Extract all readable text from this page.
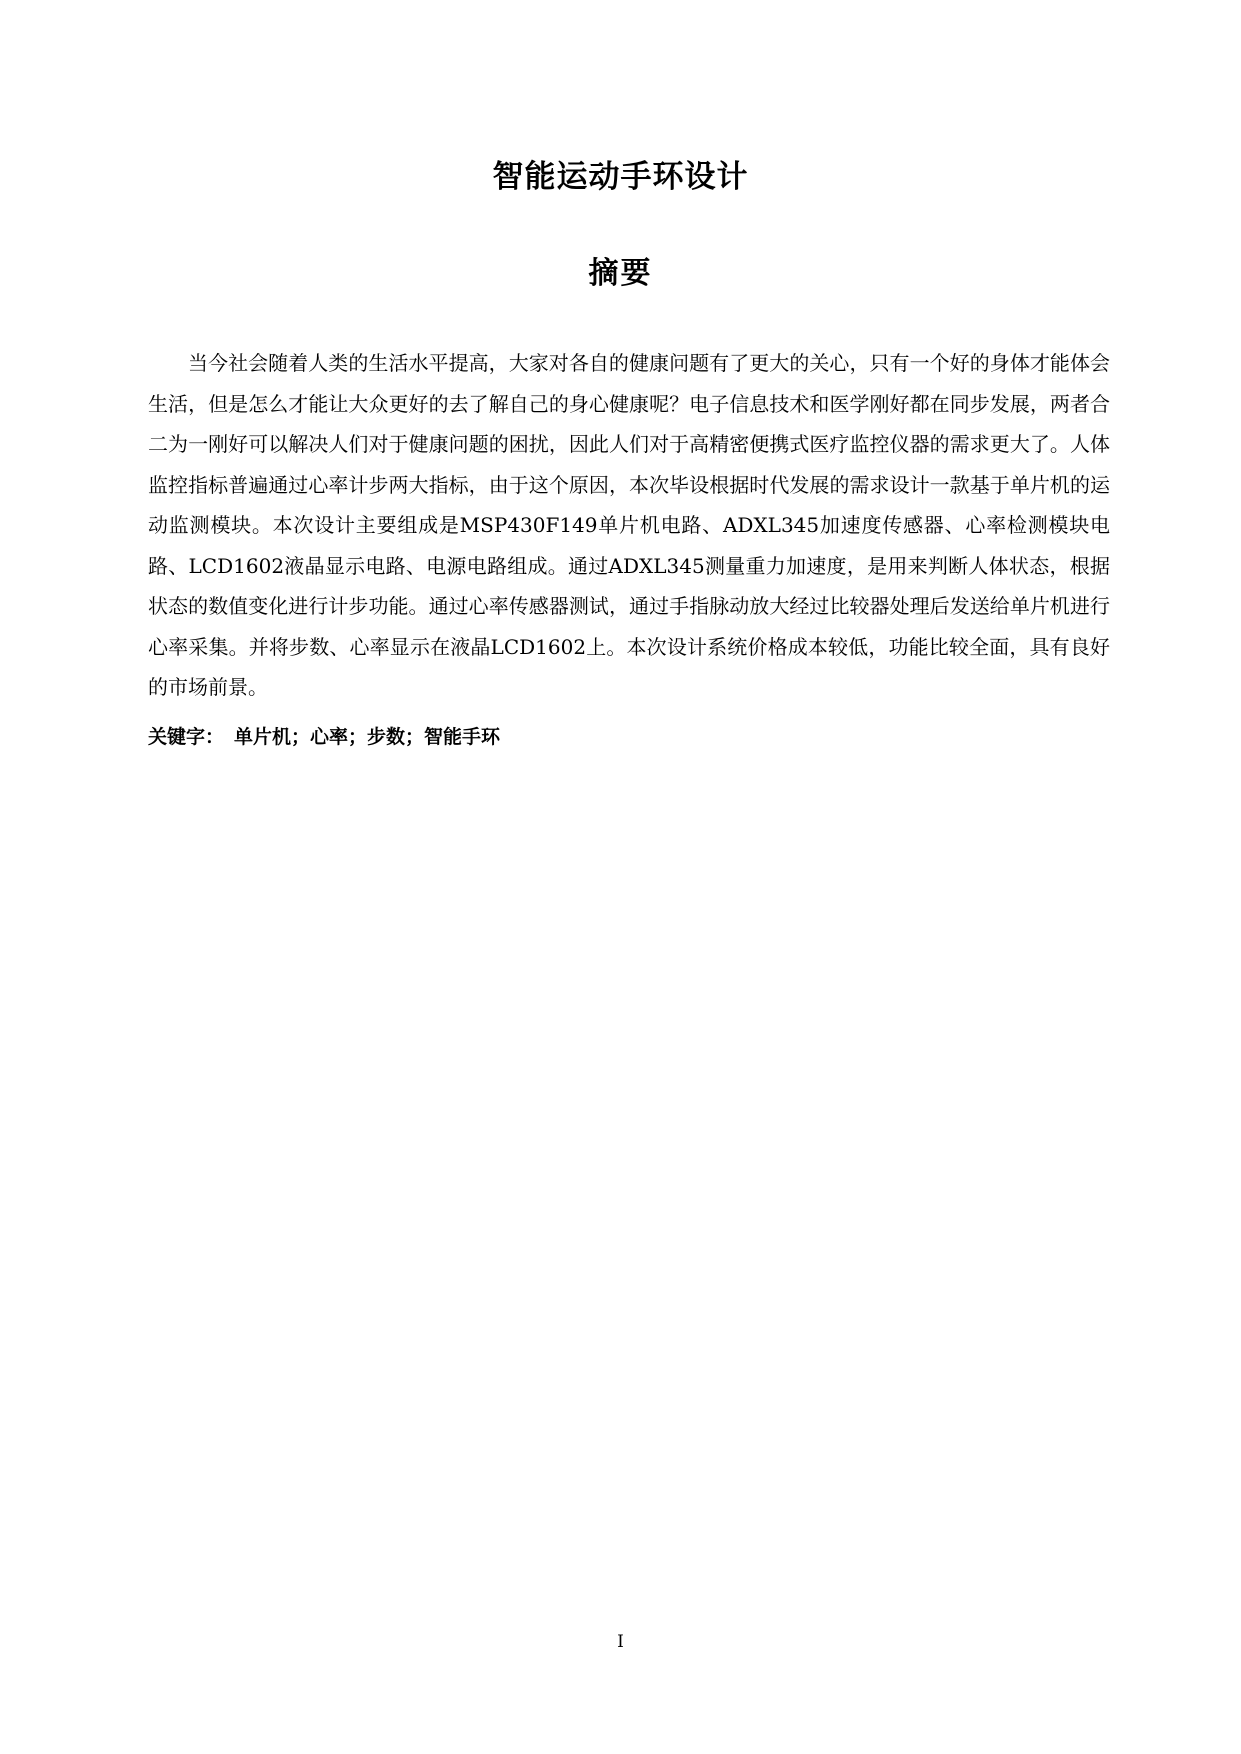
智能运动手环设计
摘要

当今社会随着人类的生活水平提高，大家对各自的健康问题有了更大的关心，只有一个好的身体才能体会生活，但是怎么才能让大众更好的去了解自己的身心健康呢？电子信息技术和医学刚好都在同步发展，两者合二为一刚好可以解决人们对于健康问题的困扰，因此人们对于高精密便携式医疗监控仪器的需求更大了。人体监控指标普遍通过心率计步两大指标，由于这个原因，本次毕设根据时代发展的需求设计一款基于单片机的运动监测模块。本次设计主要组成是MSP430F149单片机电路、ADXL345加速度传感器、心率检测模块电路、LCD1602液晶显示电路、电源电路组成。通过ADXL345测量重力加速度，是用来判断人体状态，根据状态的数值变化进行计步功能。通过心率传感器测试，通过手指脉动放大经过比较器处理后发送给单片机进行心率采集。并将步数、心率显示在液晶LCD1602上。本次设计系统价格成本较低，功能比较全面，具有良好的市场前景。

关键字： 单片机；心率；步数；智能手环
I
